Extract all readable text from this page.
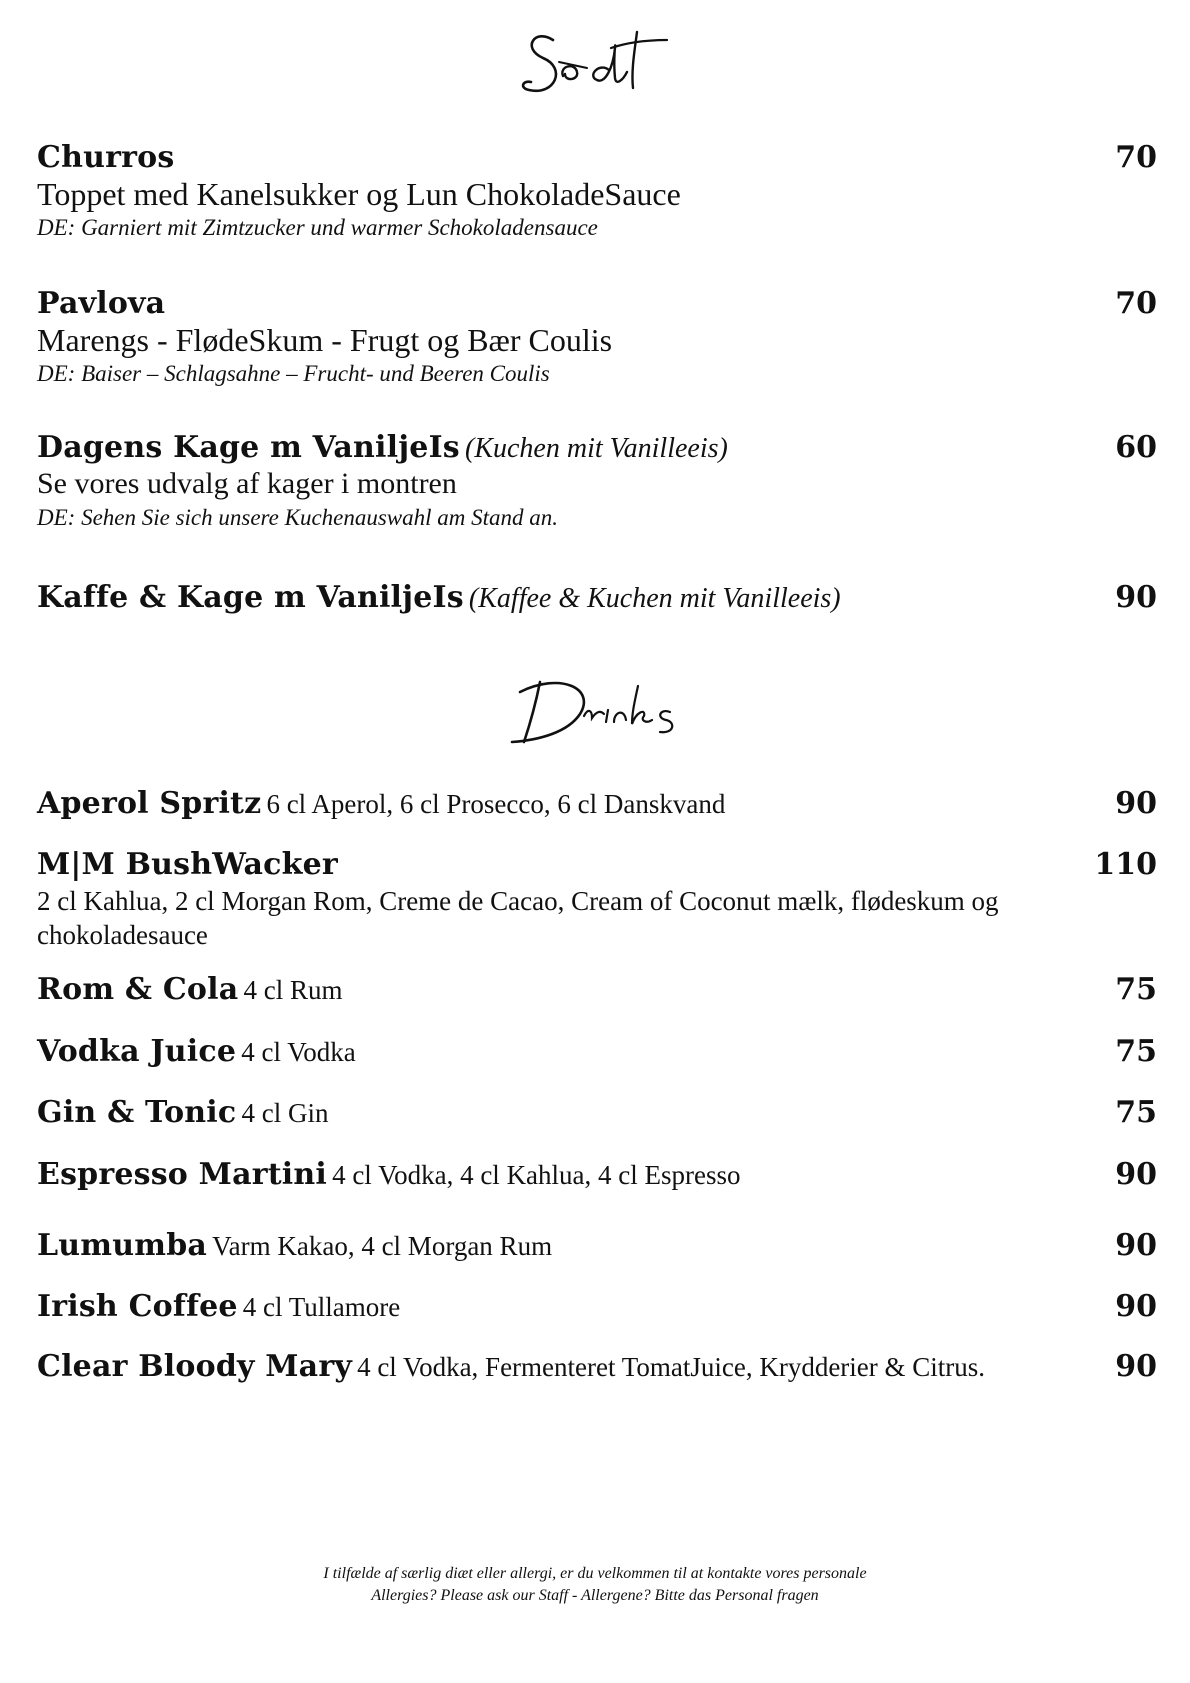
Churros	70
Toppet med Kanelsukker og Lun ChokoladeSauce
DE: Garniert mit Zimtzucker und warmer Schokoladensauce
Pavlova	70
Marengs - FlødeSkum - Frugt og Bær Coulis
DE: Baiser – Schlagsahne – Frucht- und Beeren Coulis
Dagens Kage m VaniljeIs (Kuchen mit Vanilleeis)	60
Se vores udvalg af kager i montren
DE: Sehen Sie sich unsere Kuchenauswahl am Stand an.
Kaffe & Kage m VaniljeIs (Kaffee & Kuchen mit Vanilleeis)	90
Aperol Spritz 6 cl Aperol, 6 cl Prosecco, 6 cl Danskvand	90
M|M BushWacker	110
2 cl Kahlua, 2 cl Morgan Rom, Creme de Cacao, Cream of Coconut mælk, flødeskum og chokoladesauce
Rom & Cola 4 cl Rum	75
Vodka Juice 4 cl Vodka	75
Gin & Tonic 4 cl Gin	75
Espresso Martini 4 cl Vodka, 4 cl Kahlua, 4 cl Espresso	90
Lumumba Varm Kakao, 4 cl Morgan Rum	90
Irish Coffee 4 cl Tullamore	90
Clear Bloody Mary 4 cl Vodka, Fermenteret TomatJuice, Krydderier & Citrus.	90
I tilfælde af særlig diæt eller allergi, er du velkommen til at kontakte vores personale
Allergies? Please ask our Staff - Allergene? Bitte das Personal fragen
